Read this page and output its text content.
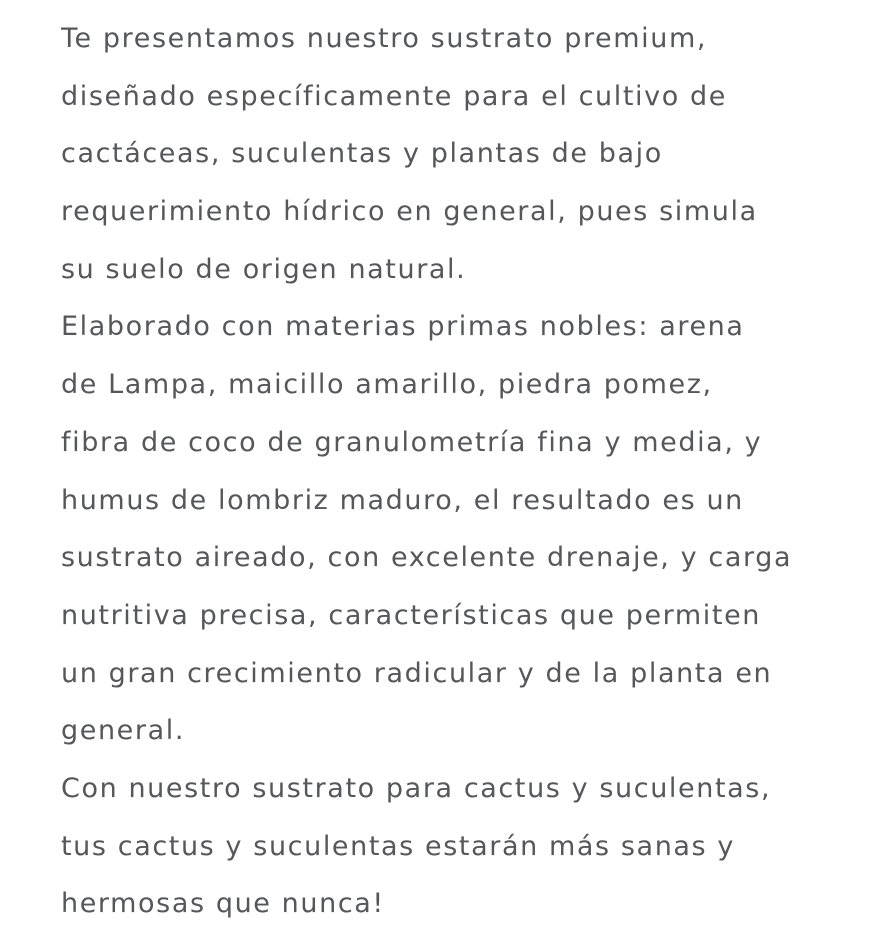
Te presentamos nuestro sustrato premium,
diseñado específicamente para el cultivo de
cactáceas, suculentas y plantas de bajo
requerimiento hídrico en general, pues simula
su suelo de origen natural.

Elaborado con materias primas nobles: arena
de Lampa, maicillo amarillo, piedra pomez,
fibra de coco de granulometría fina y media, y
humus de lombriz maduro, el resultado es un
sustrato aireado, con excelente drenaje, y carga
nutritiva precisa, características que permiten
un gran crecimiento radicular y de la planta en
general.

Con nuestro sustrato para cactus y suculentas,
tus cactus y suculentas estarán más sanas y
hermosas que nunca!
